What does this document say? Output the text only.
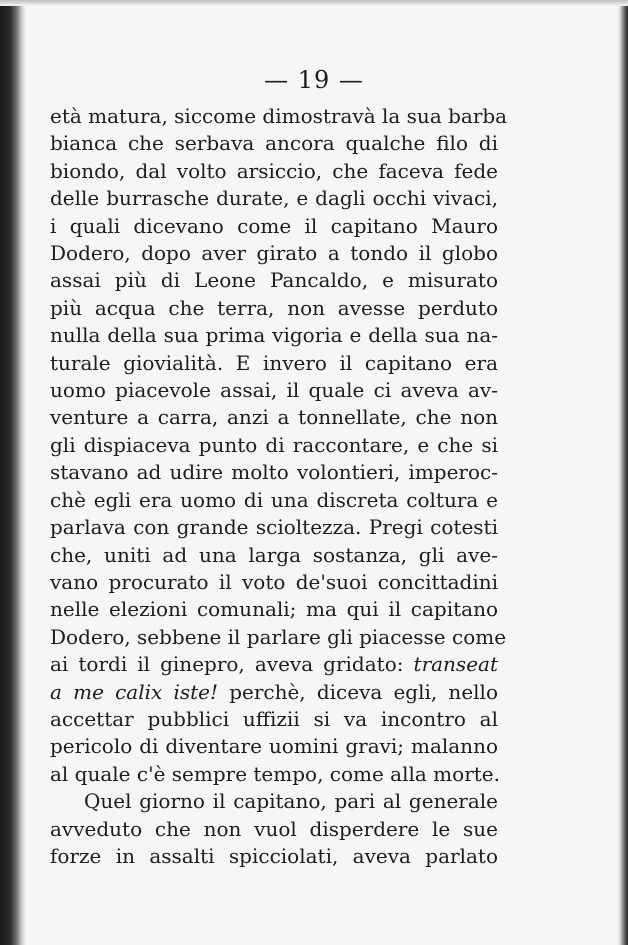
— 19 —
età matura, siccome dimostravà la sua barba
bianca che serbava ancora qualche filo di
biondo, dal volto arsiccio, che faceva fede
delle burrasche durate, e dagli occhi vivaci,
i quali dicevano come il capitano Mauro
Dodero, dopo aver girato a tondo il globo
assai più di Leone Pancaldo, e misurato
più acqua che terra, non avesse perduto
nulla della sua prima vigoria e della sua na-
turale giovialità. E invero il capitano era
uomo piacevole assai, il quale ci aveva av-
venture a carra, anzi a tonnellate, che non
gli dispiaceva punto di raccontare, e che si
stavano ad udire molto volontieri, imperoc-
chè egli era uomo di una discreta coltura e
parlava con grande scioltezza. Pregi cotesti
che, uniti ad una larga sostanza, gli ave-
vano procurato il voto de'suoi concittadini
nelle elezioni comunali; ma qui il capitano
Dodero, sebbene il parlare gli piacesse come
ai tordi il ginepro, aveva gridato: transeat
a me calix iste! perchè, diceva egli, nello
accettar pubblici uffizii si va incontro al
pericolo di diventare uomini gravi; malanno
al quale c'è sempre tempo, come alla morte.
Quel giorno il capitano, pari al generale
avveduto che non vuol disperdere le sue
forze in assalti spicciolati, aveva parlato
